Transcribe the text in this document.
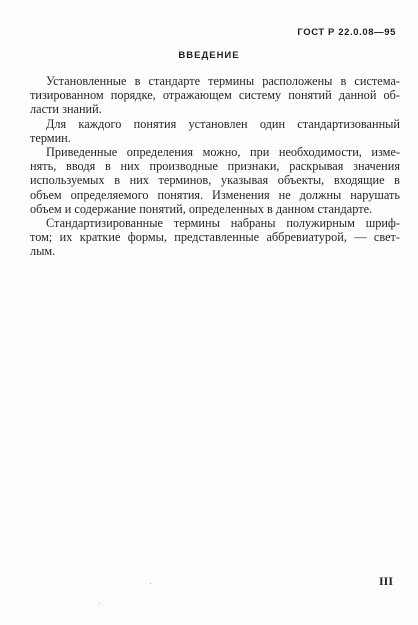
ГОСТ Р 22.0.08—95
ВВЕДЕНИЕ
Установленные в стандарте термины расположены в система-
тизированном порядке, отражающем систему понятий данной об-
ласти знаний.
Для каждого понятия установлен один стандартизованный
термин.
Приведенные определения можно, при необходимости, изме-
нять, вводя в них производные признаки, раскрывая значения
используемых в них терминов, указывая объекты, входящие в
объем определяемого понятия. Изменения не должны нарушать
объем и содержание понятий, определенных в данном стандарте.
Стандартизированные термины набраны полужирным шриф-
том; их краткие формы, представленные аббревиатурой, — свет-
лым.
III
